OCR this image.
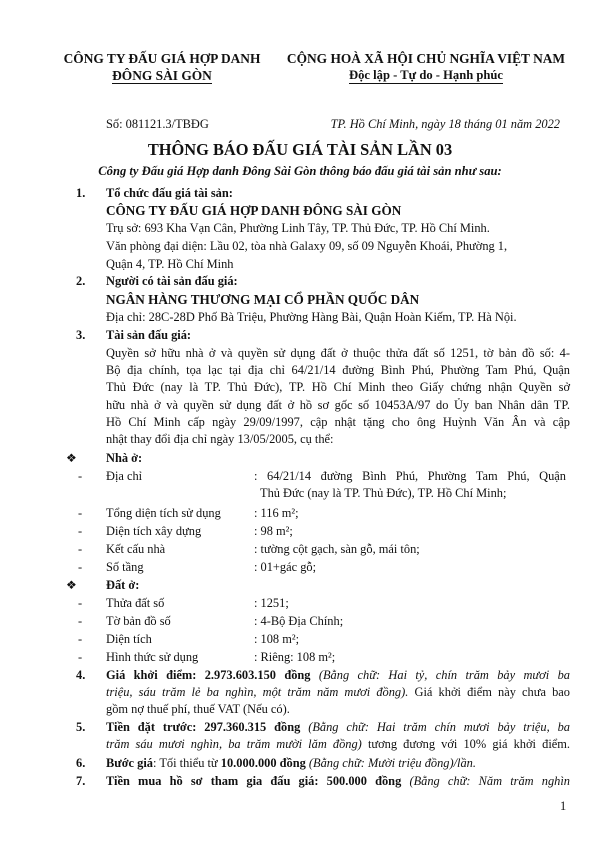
CÔNG TY ĐẤU GIÁ HỢP DANH
ĐÔNG SÀI GÒN
CỘNG HOÀ XÃ HỘI CHỦ NGHĨA VIỆT NAM
Độc lập - Tự do - Hạnh phúc
Số: 081121.3/TBĐG	TP. Hồ Chí Minh, ngày 18 tháng 01 năm 2022
THÔNG BÁO ĐẤU GIÁ TÀI SẢN LẦN 03
Công ty Đấu giá Hợp danh Đông Sài Gòn thông báo đấu giá tài sản như sau:
1. Tổ chức đấu giá tài sản:
CÔNG TY ĐẤU GIÁ HỢP DANH ĐÔNG SÀI GÒN
Trụ sở: 693 Kha Vạn Cân, Phường Linh Tây, TP. Thủ Đức, TP. Hồ Chí Minh.
Văn phòng đại diện: Lầu 02, tòa nhà Galaxy 09, số 09 Nguyễn Khoái, Phường 1,
Quận 4, TP. Hồ Chí Minh
2. Người có tài sản đấu giá:
NGÂN HÀNG THƯƠNG MẠI CỔ PHẦN QUỐC DÂN
Địa chỉ: 28C-28D Phố Bà Triệu, Phường Hàng Bài, Quận Hoàn Kiếm, TP. Hà Nội.
3. Tài sản đấu giá:
Quyền sở hữu nhà ở và quyền sử dụng đất ở thuộc thửa đất số 1251, tờ bản đồ số: 4-
Bộ địa chính, tọa lạc tại địa chỉ 64/21/14 đường Bình Phú, Phường Tam Phú, Quận
Thủ Đức (nay là TP. Thủ Đức), TP. Hồ Chí Minh theo Giấy chứng nhận Quyền sở
hữu nhà ở và quyền sử dụng đất ở hồ sơ gốc số 10453A/97 do Ủy ban Nhân dân TP.
Hồ Chí Minh cấp ngày 29/09/1997, cập nhật tặng cho ông Huỳnh Văn Ân và cập
nhật thay đổi địa chỉ ngày 13/05/2005, cụ thể:
❖ Nhà ở:
- Địa chỉ	: 64/21/14 đường Bình Phú, Phường Tam Phú, Quận
Thủ Đức (nay là TP. Thủ Đức), TP. Hồ Chí Minh;
- Tổng diện tích sử dụng	: 116 m²;
- Diện tích xây dựng	: 98 m²;
- Kết cấu nhà	: tường cột gạch, sàn gỗ, mái tôn;
- Số tầng	: 01+gác gỗ;
❖ Đất ở:
- Thửa đất số	: 1251;
- Tờ bản đồ số	: 4-Bộ Địa Chính;
- Diện tích	: 108 m²;
- Hình thức sử dụng	: Riêng: 108 m²;
4. Giá khởi điểm: 2.973.603.150 đồng (Bằng chữ: Hai tỷ, chín trăm bảy mươi ba
triệu, sáu trăm lẻ ba nghìn, một trăm năm mươi đồng). Giá khởi điểm này chưa bao
gồm nợ thuế phí, thuế VAT (Nếu có).
5. Tiền đặt trước: 297.360.315 đồng (Bằng chữ: Hai trăm chín mươi bảy triệu, ba
trăm sáu mươi nghìn, ba trăm mười lăm đồng) tương đương với 10% giá khởi điểm.
6. Bước giá: Tối thiểu từ 10.000.000 đồng (Bằng chữ: Mười triệu đồng)/lần.
7. Tiền mua hồ sơ tham gia đấu giá: 500.000 đồng (Bằng chữ: Năm trăm nghìn
1
